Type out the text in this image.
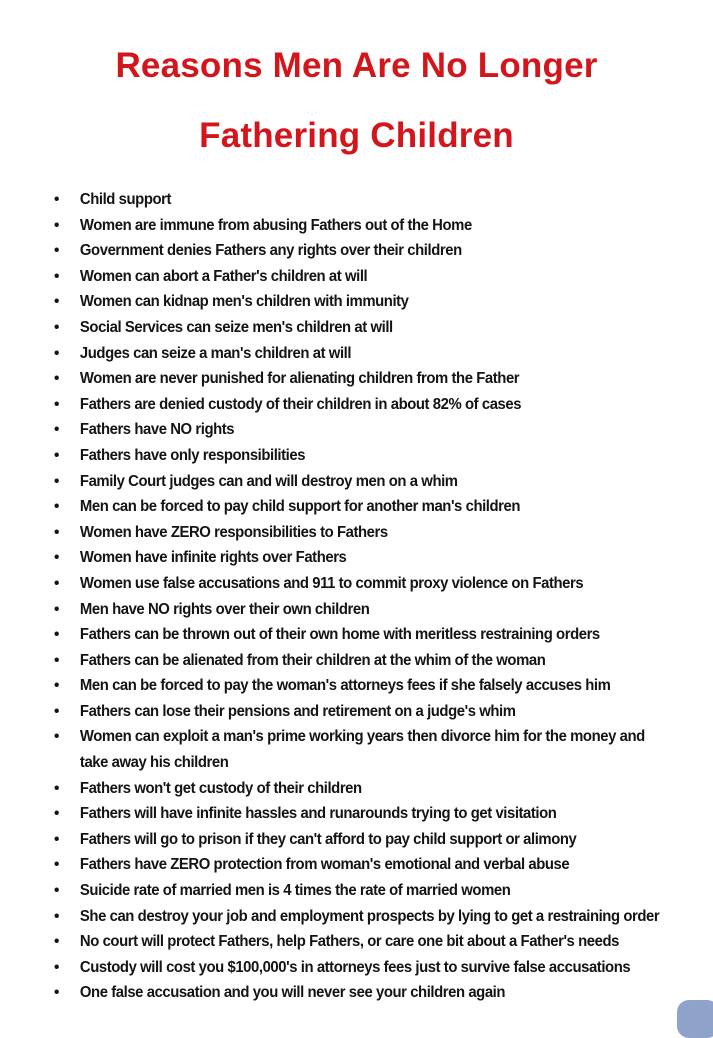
Reasons Men Are No Longer
Fathering Children
• Child support
• Women are immune from abusing Fathers out of the Home
• Government denies Fathers any rights over their children
• Women can abort a Father's children at will
• Women can kidnap men's children with immunity
• Social Services can seize men's children at will
• Judges can seize a man's children at will
• Women are never punished for alienating children from the Father
• Fathers are denied custody of their children in about 82% of cases
• Fathers have NO rights
• Fathers have only responsibilities
• Family Court judges can and will destroy men on a whim
• Men can be forced to pay child support for another man's children
• Women have ZERO responsibilities to Fathers
• Women have infinite rights over Fathers
• Women use false accusations and 911 to commit proxy violence on Fathers
• Men have NO rights over their own children
• Fathers can be thrown out of their own home with meritless restraining orders
• Fathers can be alienated from their children at the whim of the woman
• Men can be forced to pay the woman's attorneys fees if she falsely accuses him
• Fathers can lose their pensions and retirement on a judge's whim
• Women can exploit a man's prime working years then divorce him for the money and take away his children
• Fathers won't get custody of their children
• Fathers will have infinite hassles and runarounds trying to get visitation
• Fathers will go to prison if they can't afford to pay child support or alimony
• Fathers have ZERO protection from woman's emotional and verbal abuse
• Suicide rate of married men is 4 times the rate of married women
• She can destroy your job and employment prospects by lying to get a restraining order
• No court will protect Fathers, help Fathers, or care one bit about a Father's needs
• Custody will cost you $100,000's in attorneys fees just to survive false accusations
• One false accusation and you will never see your children again
